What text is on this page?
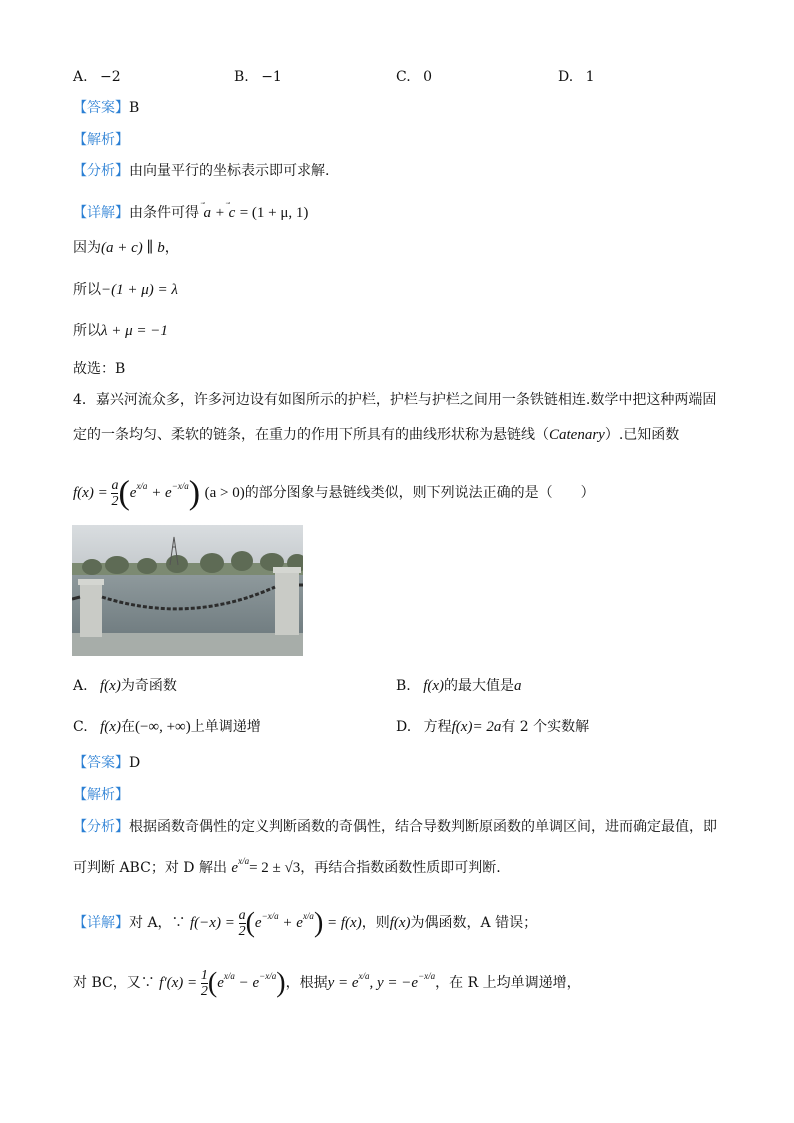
A. −2	B. −1	C. 0	D. 1
【答案】B
【解析】
【分析】由向量平行的坐标表示即可求解.
【详解】由条件可得 a + c = (1 + μ, 1)
因为(a + c) ∥ b，
所以−(1 + μ) = λ
所以λ + μ = −1
故选：B
4．嘉兴河流众多，许多河边设有如图所示的护栏，护栏与护栏之间用一条铁链相连.数学中把这种两端固
定的一条均匀、柔软的链条，在重力的作用下所具有的曲线形状称为悬链线（Catenary）.已知函数
$f(x) = \frac{a}{2} (e^{x/a} + e^{-x/a}) (a > 0)$的部分图象与悬链线类似，则下列说法正确的是（　　）
A. f(x)为奇函数	B. f(x)的最大值是a
C. f(x)在(−∞, +∞)上单调递增	D. 方程f(x)= 2a有 2 个实数解
【答案】D
【解析】
【分析】根据函数奇偶性的定义判断函数的奇偶性，结合导数判断原函数的单调区间，进而确定最值，即
可判断 ABC；对 D 解出 $e^{x/a}= 2 \pm √3$，再结合指数函数性质即可判断.
【详解】对 A，∵ $f(-x) = \frac{a}{2} (e^{-x/a} + e^{x/a}) = f(x)$，则f(x)为偶函数，A 错误；
对 BC，又∵ $f'(x) = \frac{1}{2} (e^{x/a} - e^{-x/a})$，根据$y = e^{x/a}$, $y = -e^{-x/a}$，在 R 上均单调递增，
